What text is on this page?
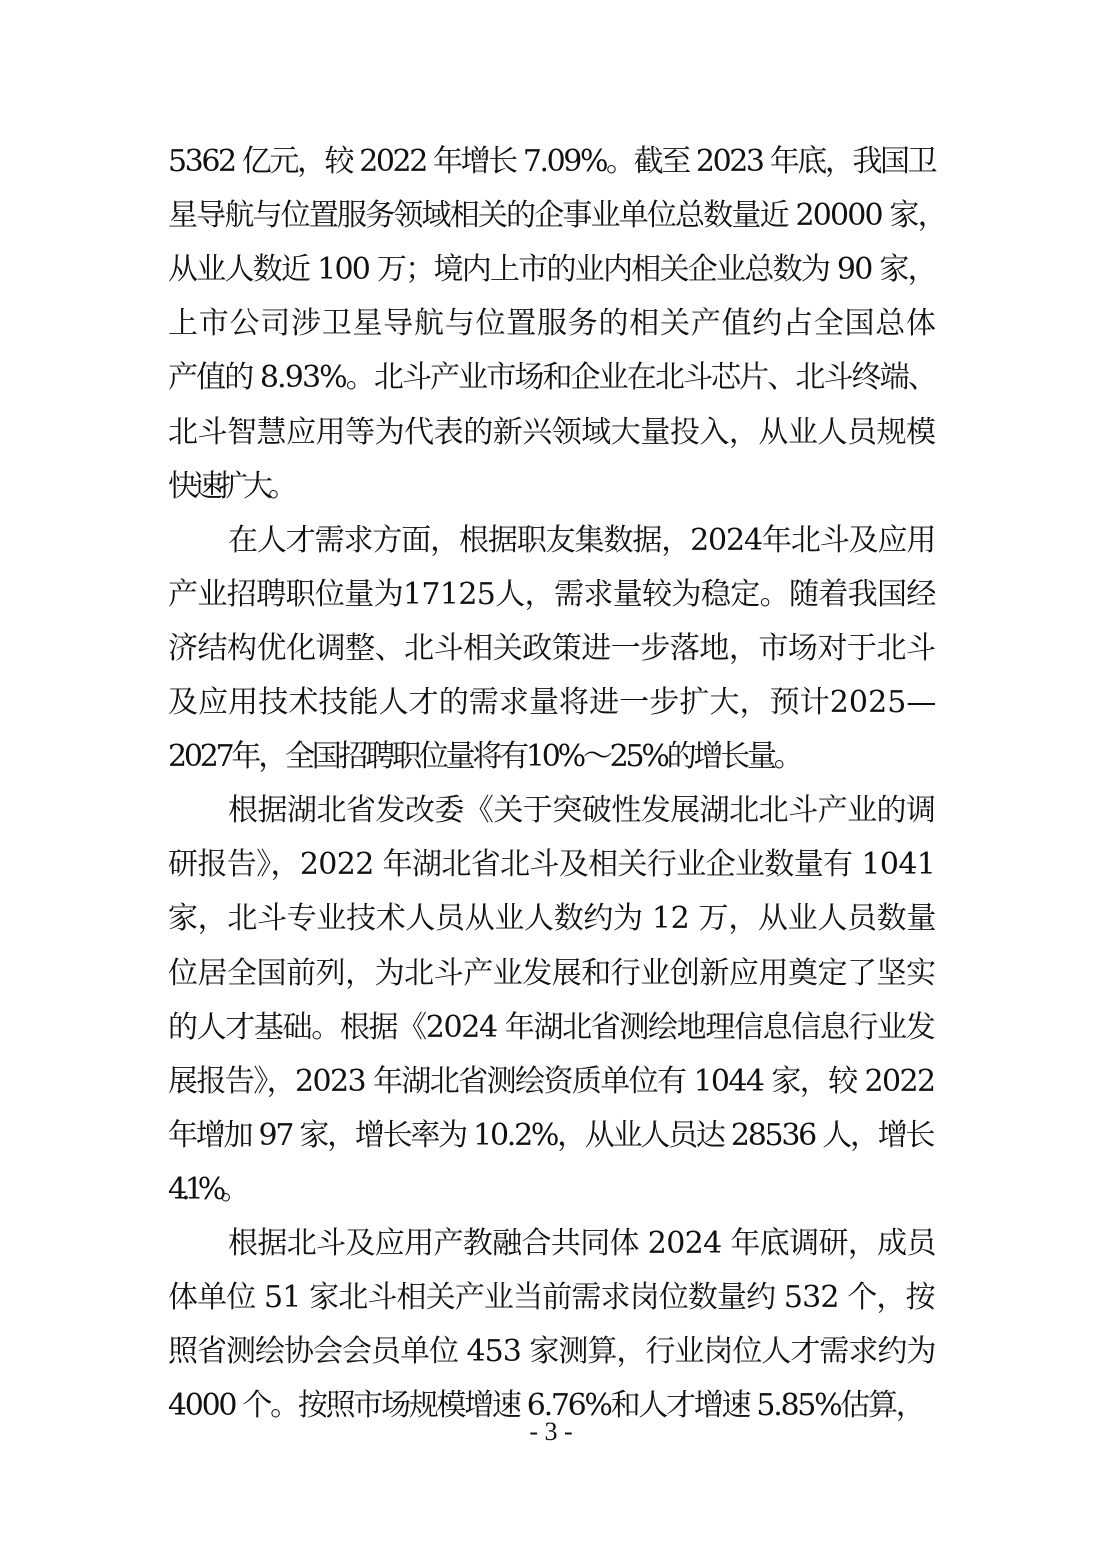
5362 亿元，较 2022 年增长 7.09%。截至 2023 年底，我国卫
星导航与位置服务领域相关的企事业单位总数量近 20000 家，
从业人数近 100 万；境内上市的业内相关企业总数为 90 家，
上市公司涉卫星导航与位置服务的相关产值约占全国总体
产值的 8.93%。北斗产业市场和企业在北斗芯片、北斗终端、
北斗智慧应用等为代表的新兴领域大量投入，从业人员规模
快速扩大。
在人才需求方面，根据职友集数据，2024年北斗及应用
产业招聘职位量为17125人，需求量较为稳定。随着我国经
济结构优化调整、北斗相关政策进一步落地，市场对于北斗
及应用技术技能人才的需求量将进一步扩大，预计2025—
2027年，全国招聘职位量将有10%～25%的增长量。
根据湖北省发改委《关于突破性发展湖北北斗产业的调
研报告》，2022 年湖北省北斗及相关行业企业数量有 1041
家，北斗专业技术人员从业人数约为 12 万，从业人员数量
位居全国前列，为北斗产业发展和行业创新应用奠定了坚实
的人才基础。根据《2024 年湖北省测绘地理信息信息行业发
展报告》，2023 年湖北省测绘资质单位有 1044 家，较 2022
年增加 97 家，增长率为 10.2%，从业人员达 28536 人，增长
4.1%。
根据北斗及应用产教融合共同体 2024 年底调研，成员
体单位 51 家北斗相关产业当前需求岗位数量约 532 个，按
照省测绘协会会员单位 453 家测算，行业岗位人才需求约为
4000 个。按照市场规模增速 6.76%和人才增速 5.85%估算，
- 3 -
